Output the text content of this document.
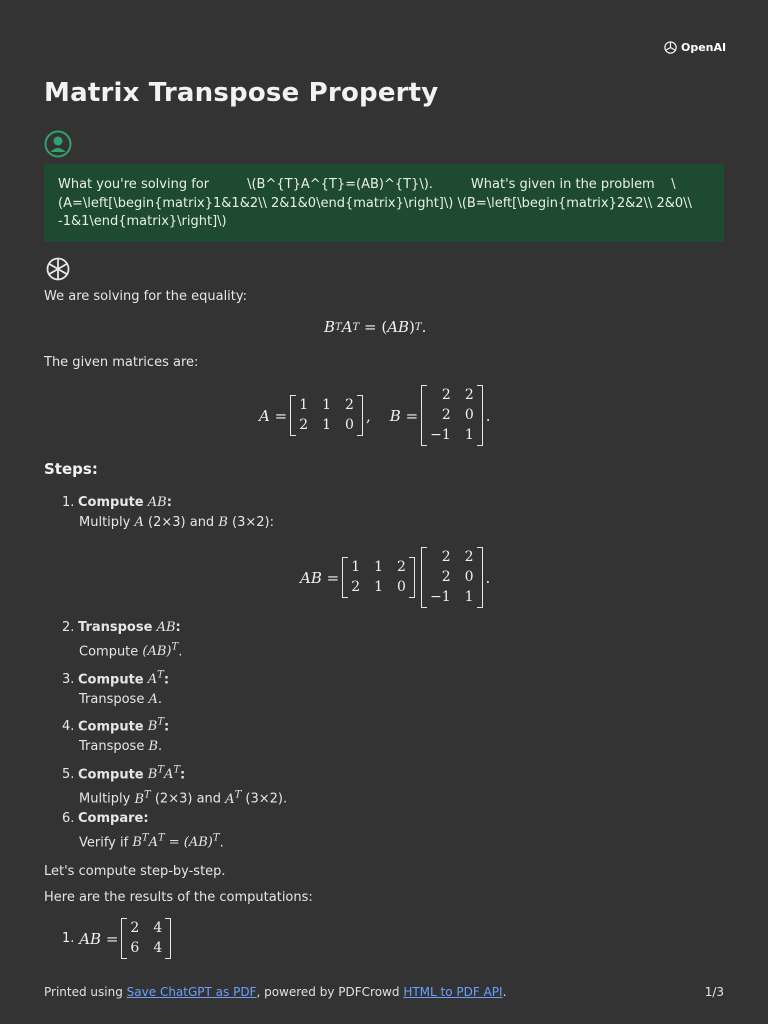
OpenAI
Matrix Transpose Property
What you're solving for	\(B^{T}A^{T}=(AB)^{T}\).	What's given in the problem \ (A=\left[\begin{matrix}1&1&2\\ 2&1&0\end{matrix}\right]\) \(B=\left[\begin{matrix}2&2\\ 2&0\\ -1&1\end{matrix}\right]\)

We are solving for the equality:

B T A T = ( AB ) T .

The given matrices are:

A =
1 1 2
2 1 0
, B =
2 2
2 0
−1 1
.

Steps:

1. Compute AB:
Multiply A (2×3) and B (3×2):
AB =
1 1 2
2 1 0
2 2
2 0
−1 1
.
2. Transpose AB:
Compute (AB)$^T$.
3. Compute $A^T$:
Transpose A.
4. Compute $B^T$:
Transpose B.
5. Compute $B^TA^T$:
Multiply $B^T$ (2×3) and $A^T$ (3×2).
6. Compare:
Verify if $B^TA^T = (AB)^T$.

Let's compute step-by-step.

Here are the results of the computations:

1.
AB =
2 4
6 4
Printed using Save ChatGPT as PDF, powered by PDFCrowd HTML to PDF API.	1/3
